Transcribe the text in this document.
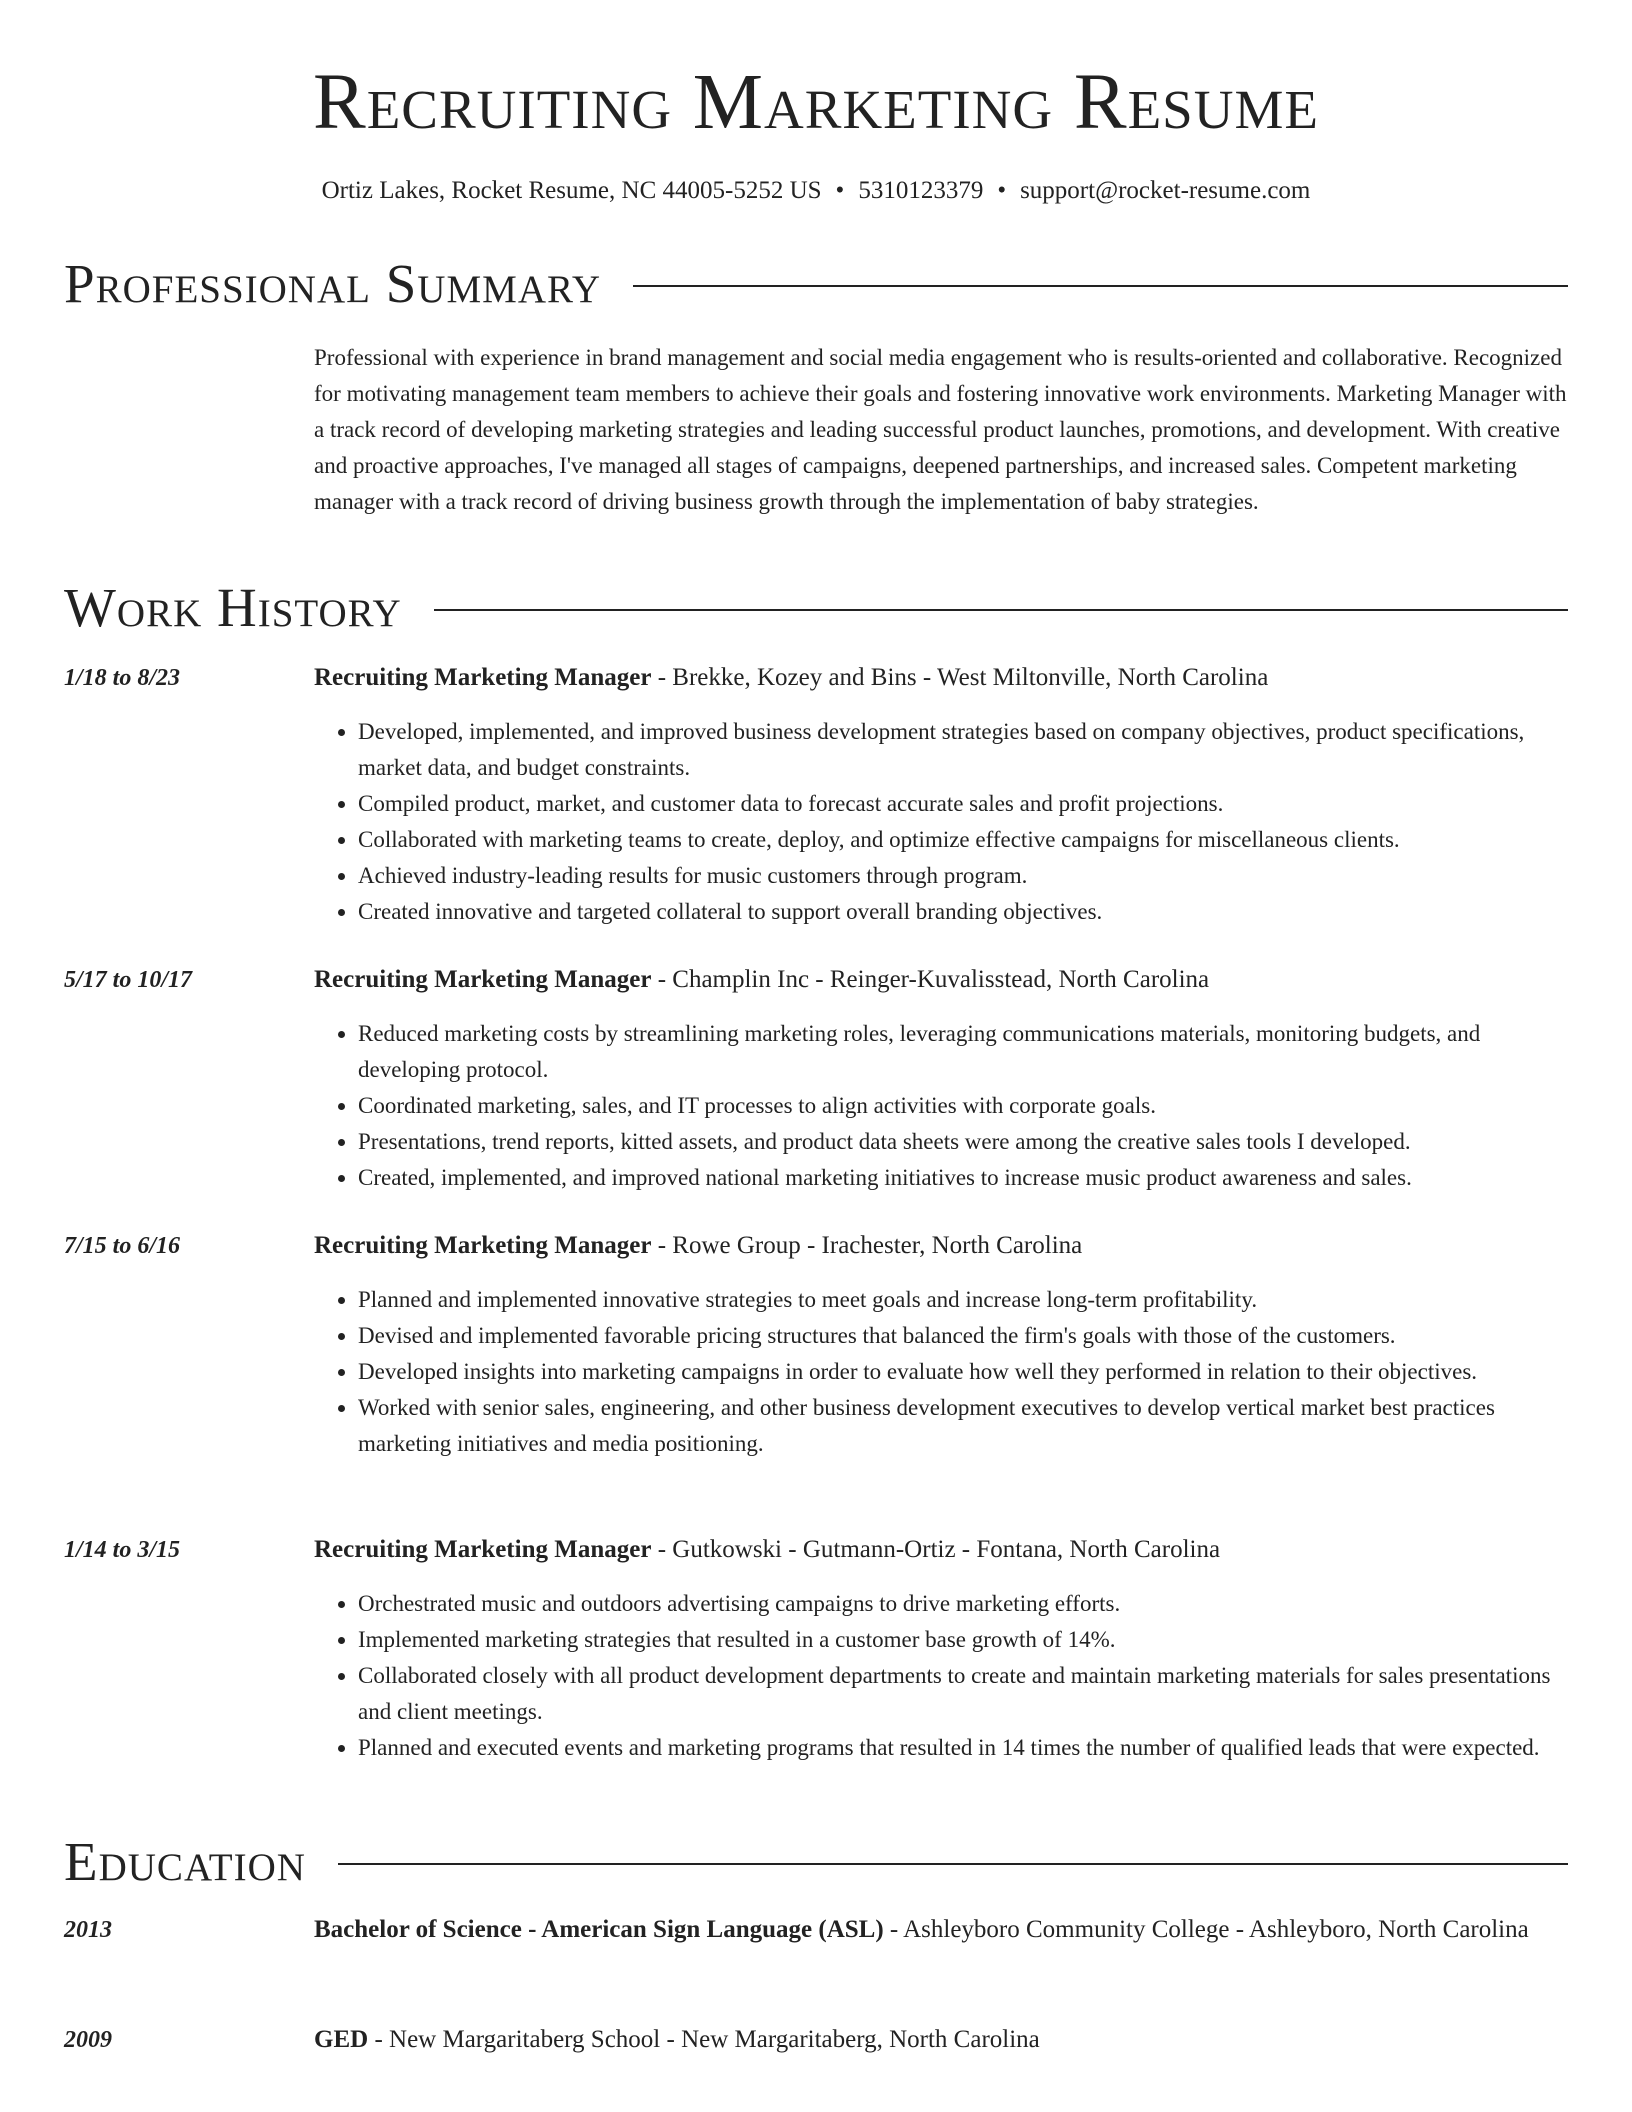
Recruiting Marketing Resume
Ortiz Lakes, Rocket Resume, NC 44005-5252 US • 5310123379 • support@rocket-resume.com
Professional Summary

Professional with experience in brand management and social media engagement who is results-oriented and collaborative. Recognized for motivating management team members to achieve their goals and fostering innovative work environments. Marketing Manager with a track record of developing marketing strategies and leading successful product launches, promotions, and development. With creative and proactive approaches, I've managed all stages of campaigns, deepened partnerships, and increased sales. Competent marketing manager with a track record of driving business growth through the implementation of baby strategies.

Work History
1/18 to 8/23	Recruiting Marketing Manager - Brekke, Kozey and Bins - West Miltonville, North Carolina
• Developed, implemented, and improved business development strategies based on company objectives, product specifications, market data, and budget constraints.
• Compiled product, market, and customer data to forecast accurate sales and profit projections.
• Collaborated with marketing teams to create, deploy, and optimize effective campaigns for miscellaneous clients.
• Achieved industry-leading results for music customers through program.
• Created innovative and targeted collateral to support overall branding objectives.
5/17 to 10/17	Recruiting Marketing Manager - Champlin Inc - Reinger-Kuvalisstead, North Carolina
• Reduced marketing costs by streamlining marketing roles, leveraging communications materials, monitoring budgets, and developing protocol.
• Coordinated marketing, sales, and IT processes to align activities with corporate goals.
• Presentations, trend reports, kitted assets, and product data sheets were among the creative sales tools I developed.
• Created, implemented, and improved national marketing initiatives to increase music product awareness and sales.
7/15 to 6/16	Recruiting Marketing Manager - Rowe Group - Irachester, North Carolina
• Planned and implemented innovative strategies to meet goals and increase long-term profitability.
• Devised and implemented favorable pricing structures that balanced the firm's goals with those of the customers.
• Developed insights into marketing campaigns in order to evaluate how well they performed in relation to their objectives.
• Worked with senior sales, engineering, and other business development executives to develop vertical market best practices marketing initiatives and media positioning.
1/14 to 3/15	Recruiting Marketing Manager - Gutkowski - Gutmann-Ortiz - Fontana, North Carolina
• Orchestrated music and outdoors advertising campaigns to drive marketing efforts.
• Implemented marketing strategies that resulted in a customer base growth of 14%.
• Collaborated closely with all product development departments to create and maintain marketing materials for sales presentations and client meetings.
• Planned and executed events and marketing programs that resulted in 14 times the number of qualified leads that were expected.
Education
2013	Bachelor of Science - American Sign Language (ASL) - Ashleyboro Community College - Ashleyboro, North Carolina
2009	GED - New Margaritaberg School - New Margaritaberg, North Carolina
